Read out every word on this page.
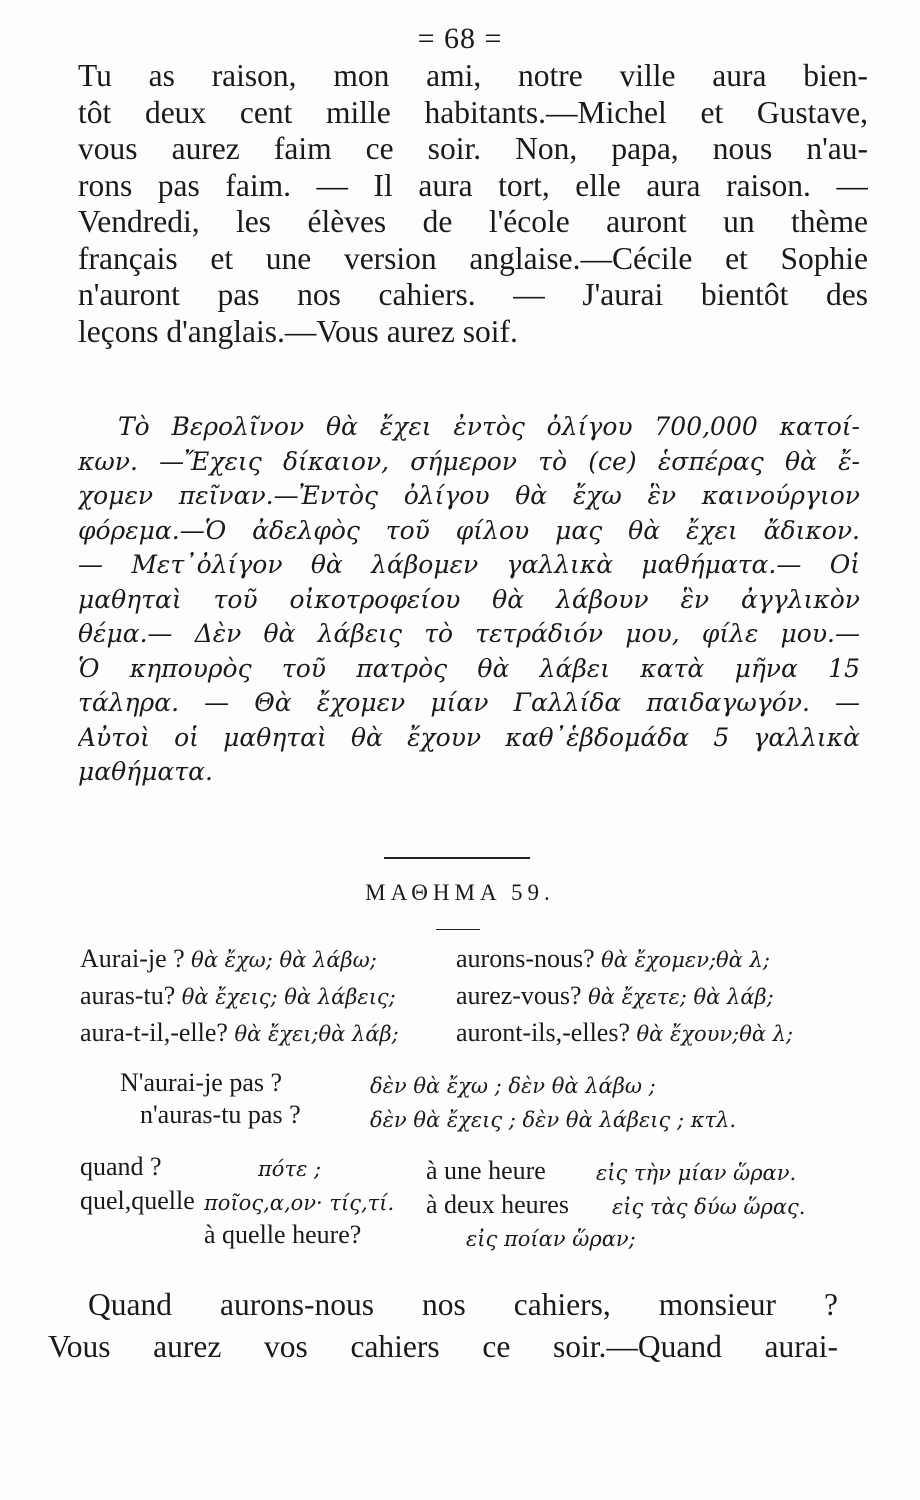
= 68 =
Tu as raison, mon ami, notre ville aura bien-
tôt deux cent mille habitants.—Michel et Gustave,
vous aurez faim ce soir. Non, papa, nous n'au-
rons pas faim. — Il aura tort, elle aura raison. —
Vendredi, les élèves de l'école auront un thème
français et une version anglaise.—Cécile et Sophie
n'auront pas nos cahiers. — J'aurai bientôt des
leçons d'anglais.—Vous aurez soif.
Τὸ Βερολῖνον θὰ ἔχει ἐντὸς ὀλίγου 700,000 κατοί-
κων. —Ἔχεις δίκαιον, σήμερον τὸ (ce) ἑσπέρας θὰ ἔ-
χομεν πεῖναν.—Ἐντὸς ὀλίγου θὰ ἔχω ἓν καινούργιον
φόρεμα.—Ὁ ἀδελφὸς τοῦ φίλου μας θὰ ἔχει ἄδικον.
— Μετ᾽ὀλίγον θὰ λάβομεν γαλλικὰ μαθήματα.— Οἱ
μαθηταὶ τοῦ οἰκοτροφείου θὰ λάβουν ἓν ἀγγλικὸν
θέμα.— Δὲν θὰ λάβεις τὸ τετράδιόν μου, φίλε μου.—
Ὁ κηπουρὸς τοῦ πατρὸς θὰ λάβει κατὰ μῆνα 15
τάληρα. — Θὰ ἔχομεν μίαν Γαλλίδα παιδαγωγόν. —
Αὐτοὶ οἱ μαθηταὶ θὰ ἔχουν καθ᾽ἑβδομάδα 5 γαλλικὰ
μαθήματα.
ΜΑΘΗΜΑ 59.
Aurai-je ? θὰ ἔχω; θὰ λάβω;	aurons-nous? θὰ ἔχομεν;θὰ λ;
auras-tu? θὰ ἔχεις; θὰ λάβεις; aurez-vous? θὰ ἔχετε; θὰ λάβ;
aura-t-il,-elle? θὰ ἔχει;θὰ λάβ; auront-ils,-elles? θὰ ἔχουν;θὰ λ;
N'aurai-je pas ?	δὲν θὰ ἔχω ; δὲν θὰ λάβω ;
n'auras-tu pas ?	δὲν θὰ ἔχεις ; δὲν θὰ λάβεις ; κτλ.
quand ?	πότε ;	à une heure εἰς τὴν μίαν ὥραν.
quel,quelle ποῖος,α,ον· τίς,τί. à deux heures εἰς τὰς δύω ὥρας.
à quelle heure?	εἰς ποίαν ὥραν;
Quand aurons-nous nos cahiers, monsieur ?
Vous aurez vos cahiers ce soir.—Quand aurai-
